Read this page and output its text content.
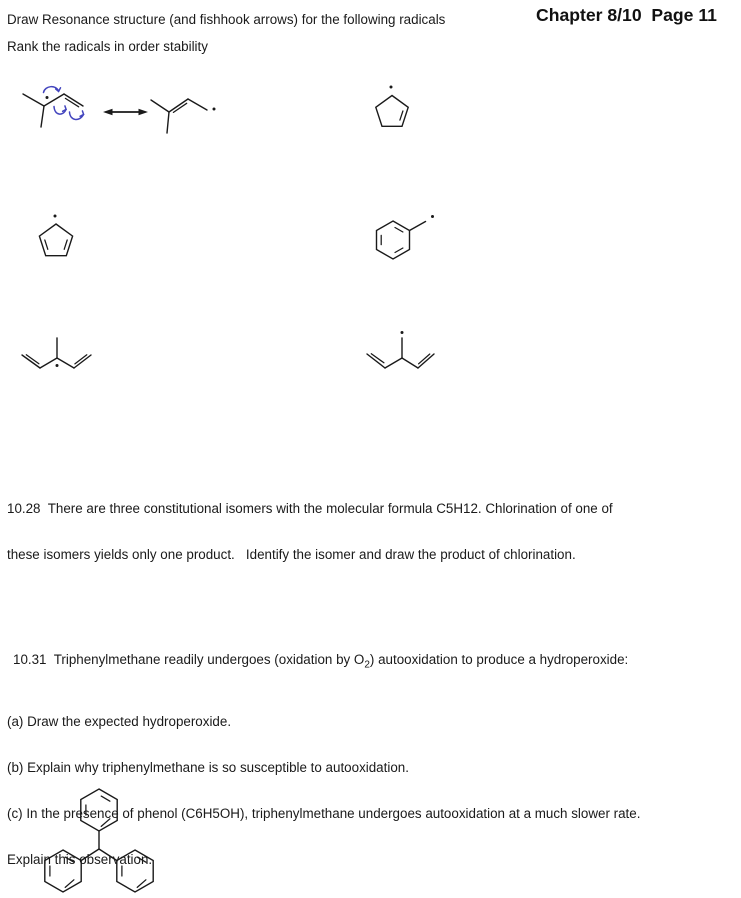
Draw Resonance structure (and fishhook arrows) for the following radicals
Rank the radicals in order stability
Chapter 8/10  Page 11

10.28  There are three constitutional isomers with the molecular formula C5H12. Chlorination of one of

these isomers yields only one product.   Identify the isomer and draw the product of chlorination.

10.31  Triphenylmethane readily undergoes (oxidation by $O_2$) autooxidation to produce a hydroperoxide:

(a) Draw the expected hydroperoxide.

(b) Explain why triphenylmethane is so susceptible to autooxidation.

(c) In the presence of phenol (C6H5OH), triphenylmethane undergoes autooxidation at a much slower rate.

Explain this observation.
